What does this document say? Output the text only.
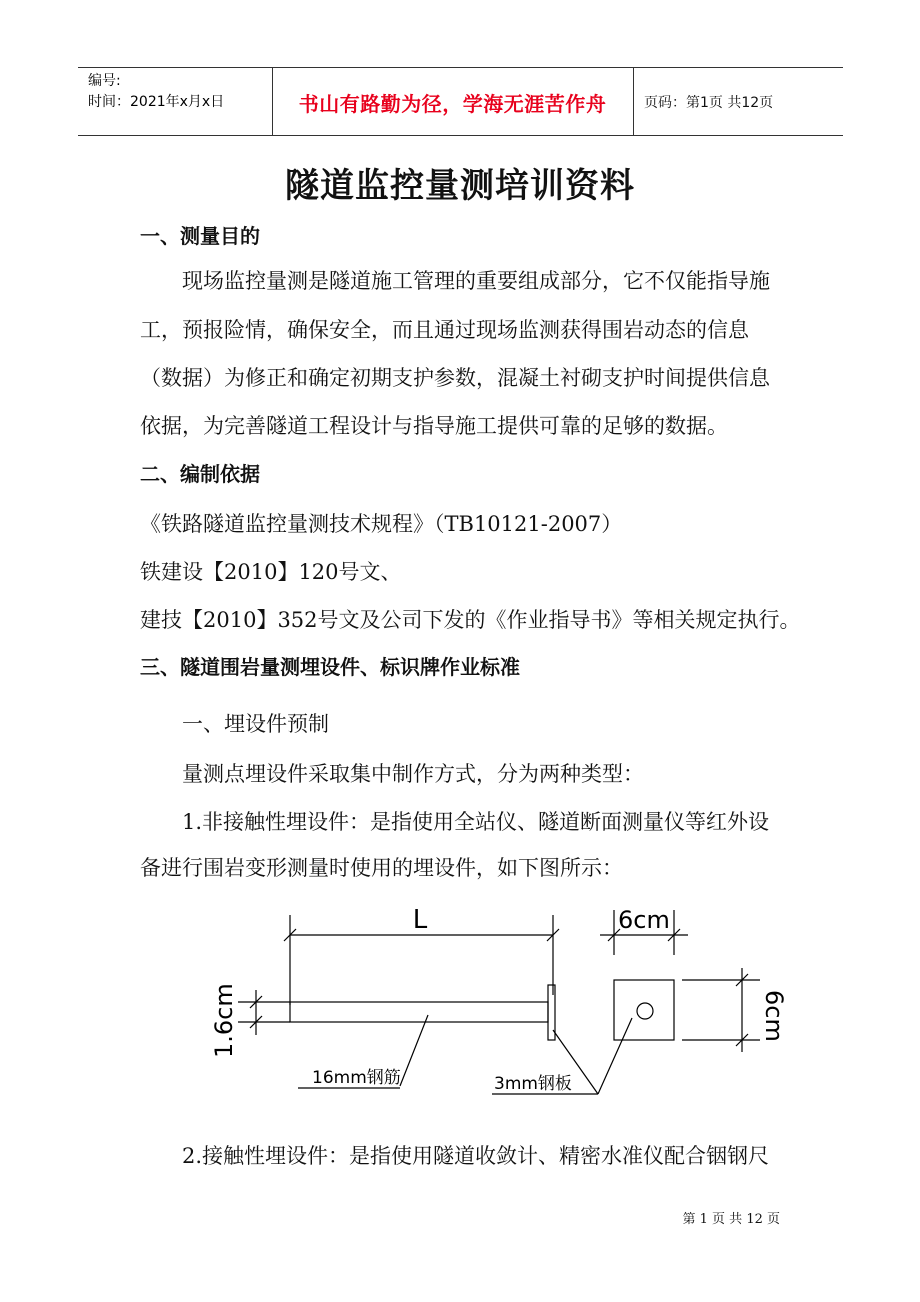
编号:
时间：2021年x月x日	书山有路勤为径，学海无涯苦作舟	页码：第1页 共12页
隧道监控量测培训资料
一、测量目的
现场监控量测是隧道施工管理的重要组成部分，它不仅能指导施
工，预报险情，确保安全，而且通过现场监测获得围岩动态的信息
（数据）为修正和确定初期支护参数，混凝土衬砌支护时间提供信息
依据，为完善隧道工程设计与指导施工提供可靠的足够的数据。
二、编制依据
《铁路隧道监控量测技术规程》（TB10121-2007）
铁建设【2010】120号文、
建技【2010】352号文及公司下发的《作业指导书》等相关规定执行。
三、隧道围岩量测埋设件、标识牌作业标准
一、埋设件预制
量测点埋设件采取集中制作方式，分为两种类型：
1.非接触性埋设件：是指使用全站仪、隧道断面测量仪等红外设
备进行围岩变形测量时使用的埋设件，如下图所示：
L
1.6cm
16mm钢筋
6cm
6cm
3mm钢板
2.接触性埋设件：是指使用隧道收敛计、精密水准仪配合铟钢尺
第 1 页 共 12 页
